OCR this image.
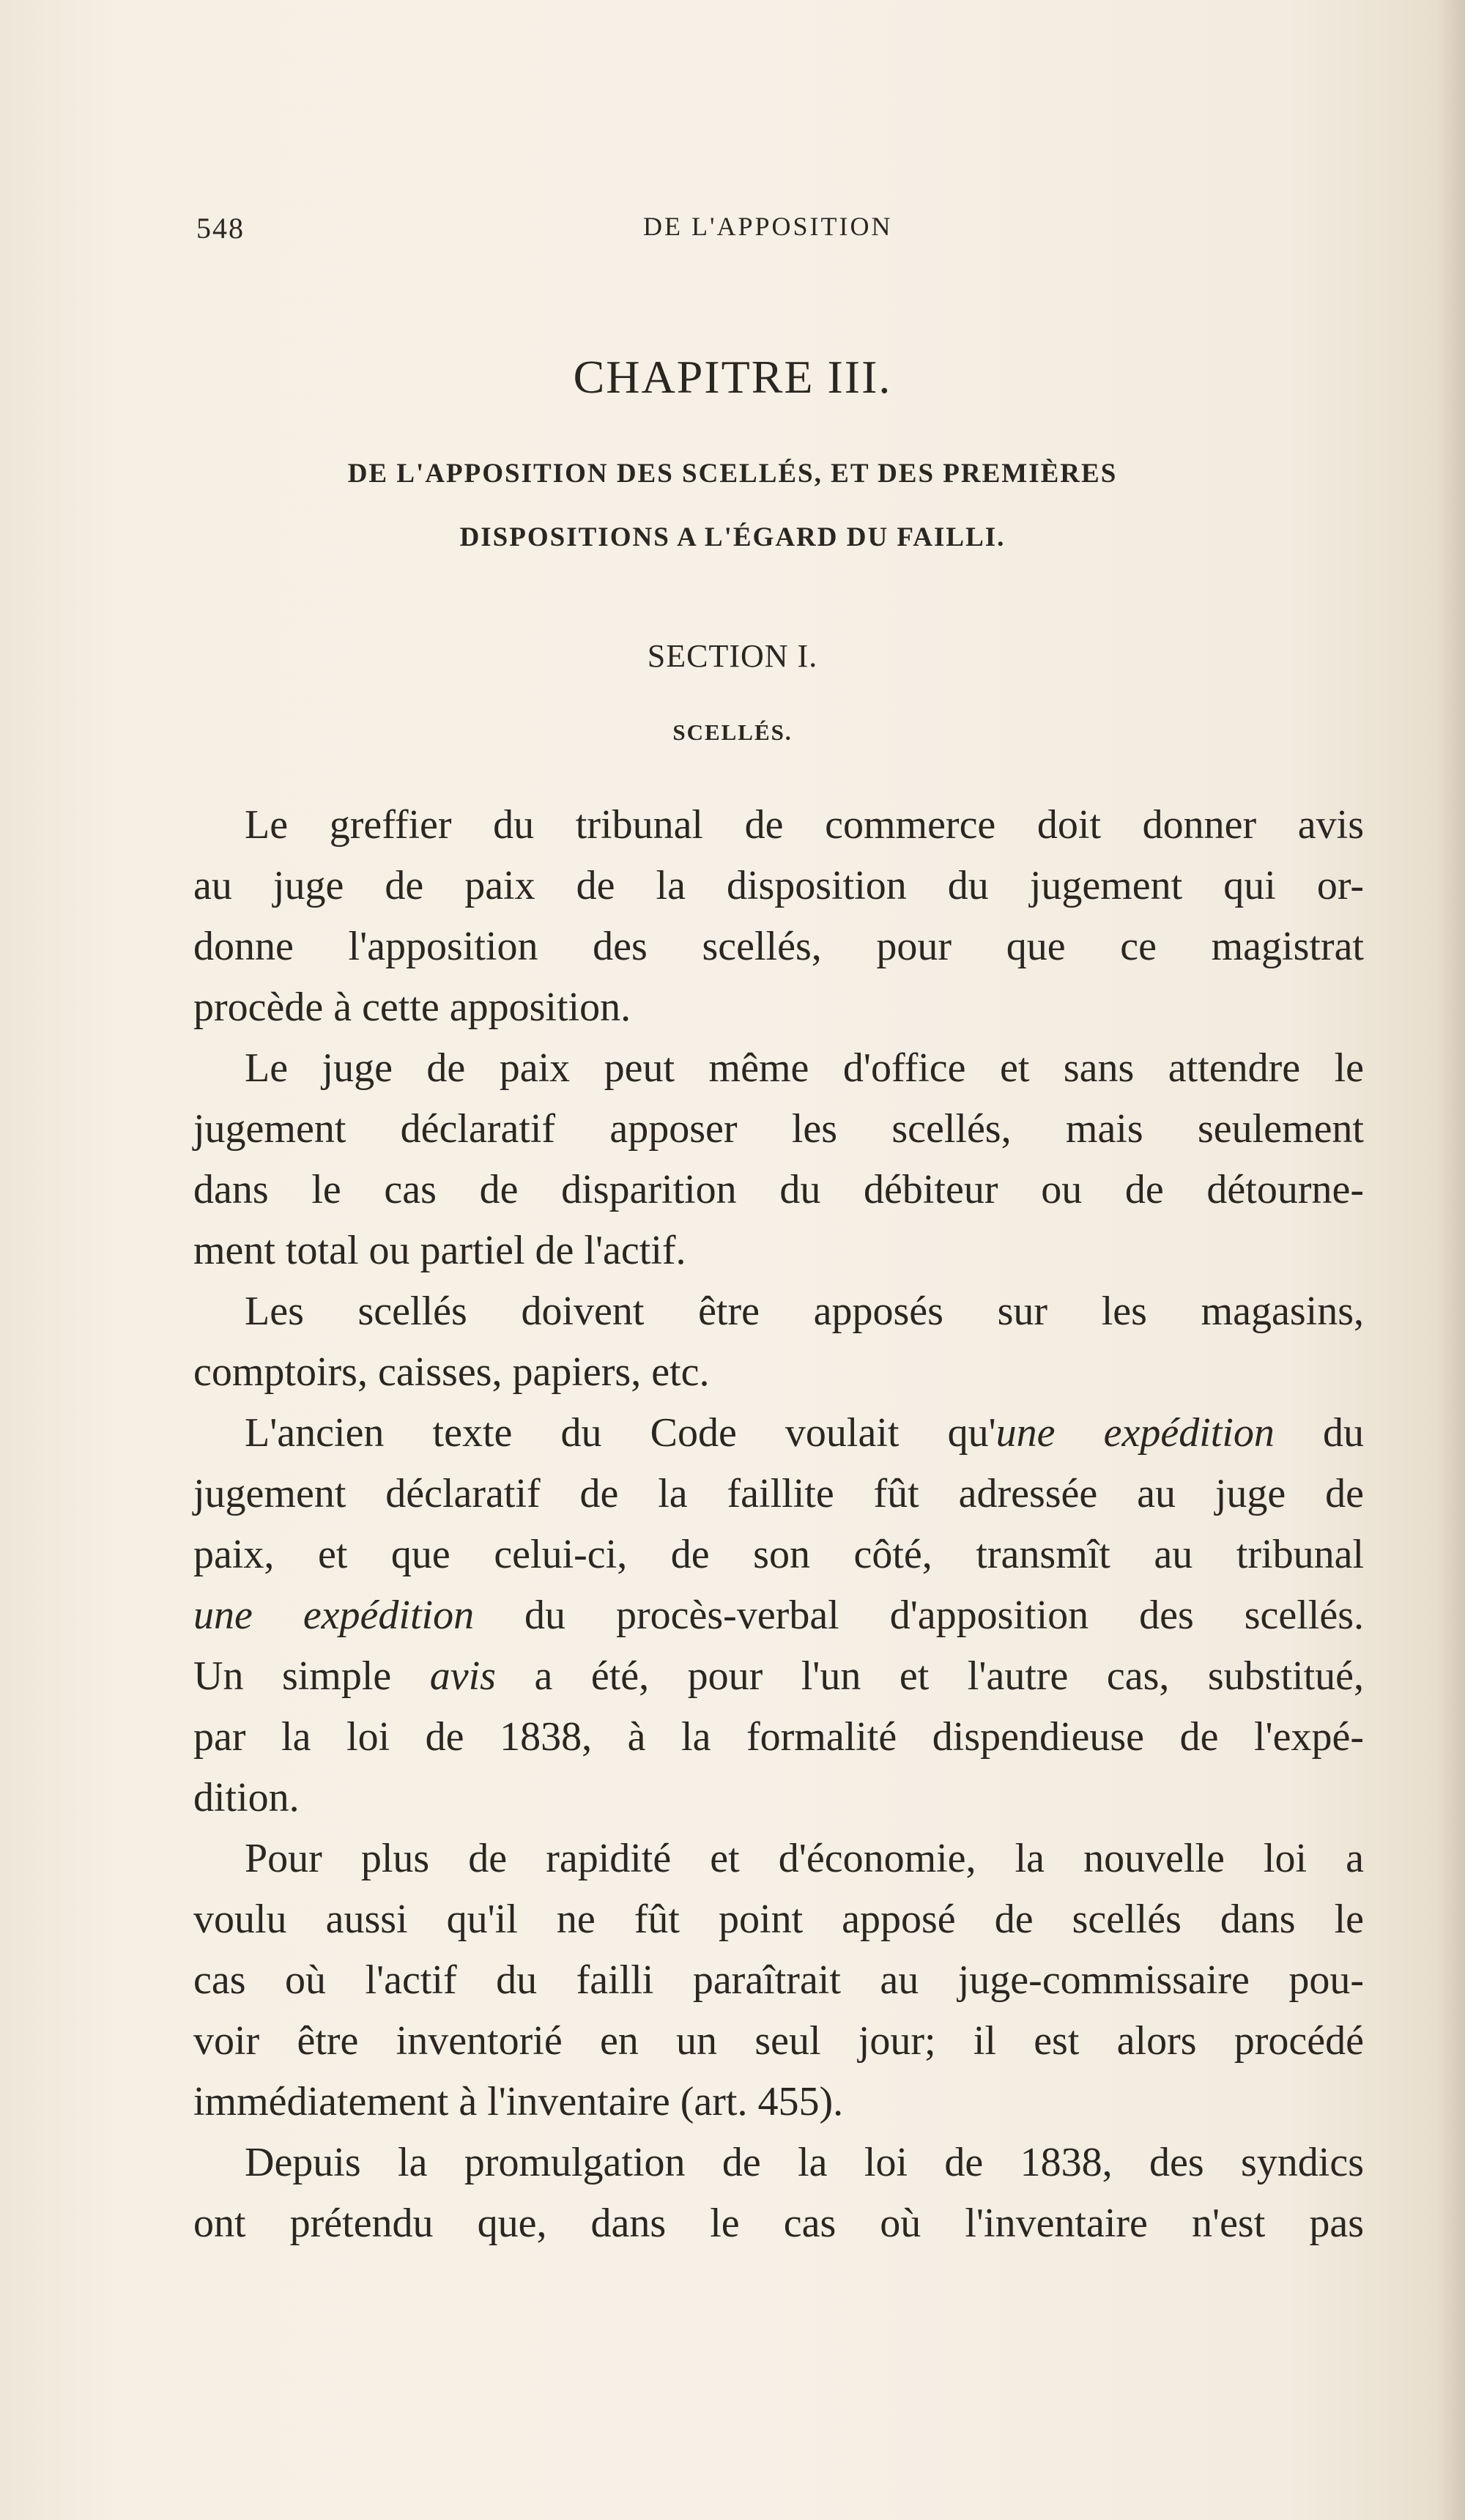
548	DE L'APPOSITION
CHAPITRE III.
DE L'APPOSITION DES SCELLÉS, ET DES PREMIÈRES
DISPOSITIONS A L'ÉGARD DU FAILLI.
SECTION I.
SCELLÉS.
Le greffier du tribunal de commerce doit donner avis
au juge de paix de la disposition du jugement qui or-
donne l'apposition des scellés, pour que ce magistrat
procède à cette apposition.
Le juge de paix peut même d'office et sans attendre le
jugement déclaratif apposer les scellés, mais seulement
dans le cas de disparition du débiteur ou de détourne-
ment total ou partiel de l'actif.
Les scellés doivent être apposés sur les magasins,
comptoirs, caisses, papiers, etc.
L'ancien texte du Code voulait qu'une expédition du
jugement déclaratif de la faillite fût adressée au juge de
paix, et que celui-ci, de son côté, transmît au tribunal
une expédition du procès-verbal d'apposition des scellés.
Un simple avis a été, pour l'un et l'autre cas, substitué,
par la loi de 1838, à la formalité dispendieuse de l'expé-
dition.
Pour plus de rapidité et d'économie, la nouvelle loi a
voulu aussi qu'il ne fût point apposé de scellés dans le
cas où l'actif du failli paraîtrait au juge-commissaire pou-
voir être inventorié en un seul jour; il est alors procédé
immédiatement à l'inventaire (art. 455).
Depuis la promulgation de la loi de 1838, des syndics
ont prétendu que, dans le cas où l'inventaire n'est pas
